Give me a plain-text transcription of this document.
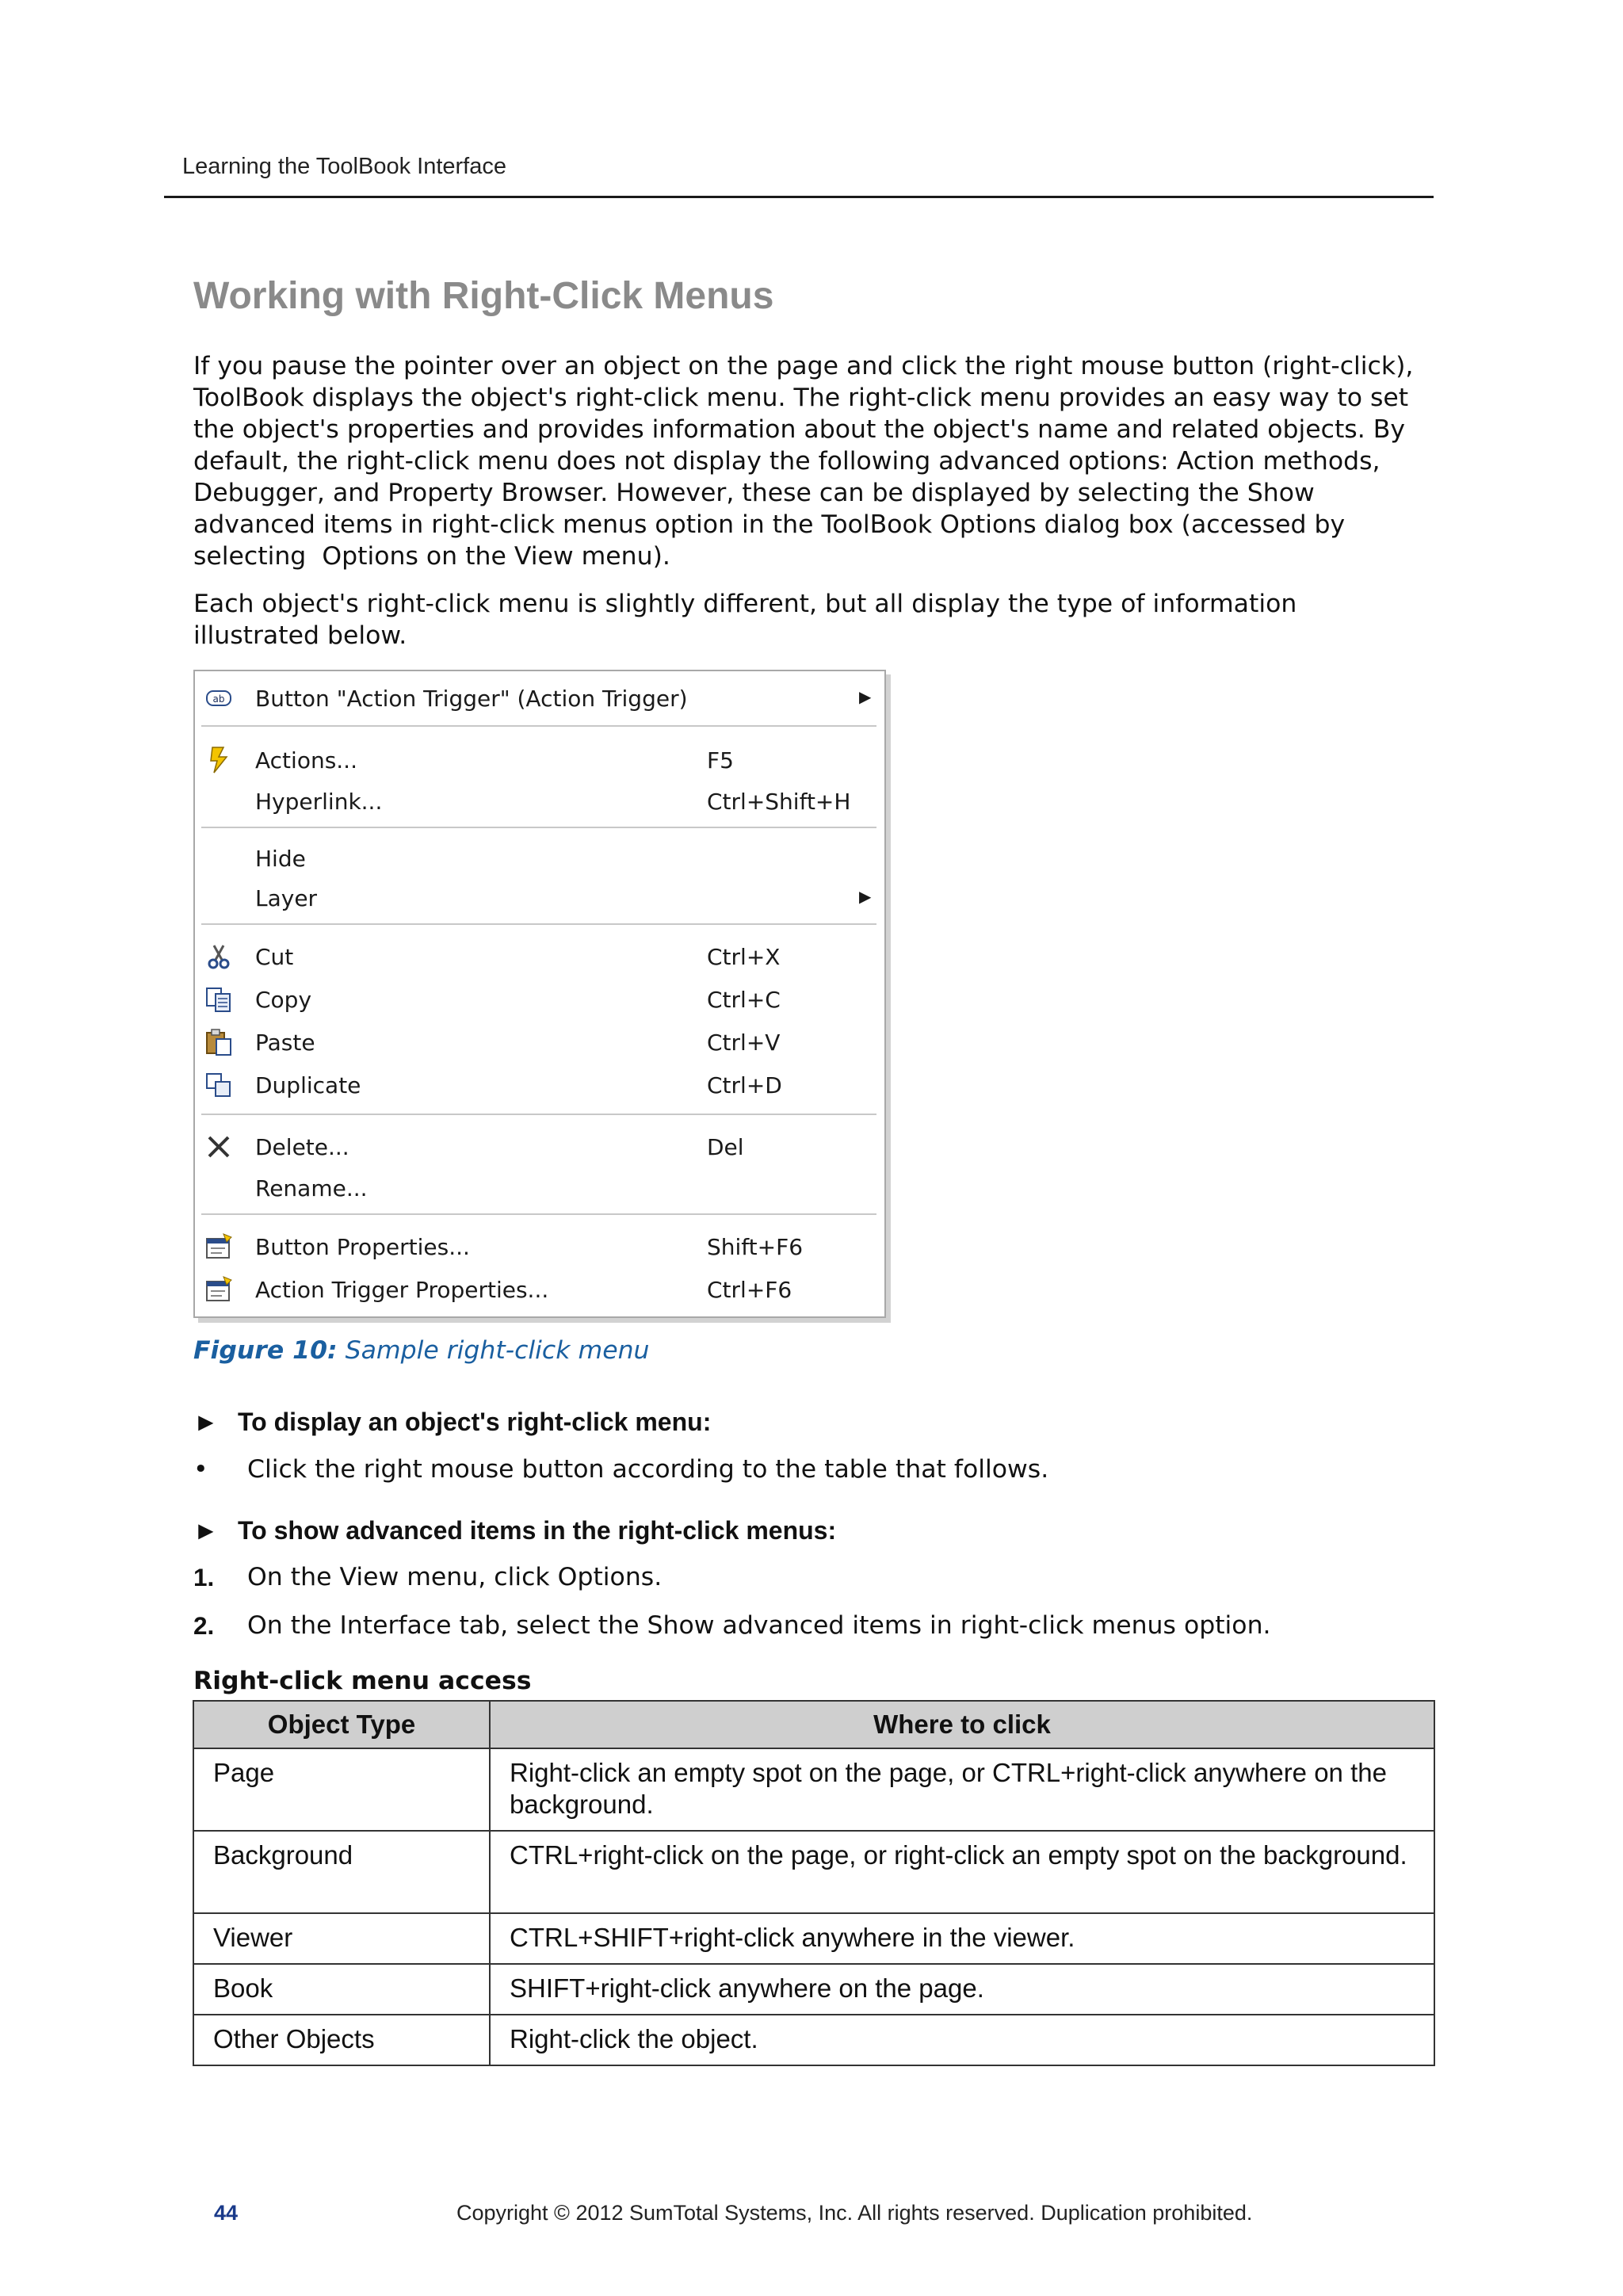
Learning the ToolBook Interface
Working with Right-Click Menus

If you pause the pointer over an object on the page and click the right mouse button (right-click),
ToolBook displays the object's right-click menu. The right-click menu provides an easy way to set
the object's properties and provides information about the object's name and related objects. By
default, the right-click menu does not display the following advanced options: Action methods,
Debugger, and Property Browser. However, these can be displayed by selecting the Show
advanced items in right-click menus option in the ToolBook Options dialog box (accessed by
selecting  Options on the View menu).

Each object's right-click menu is slightly different, but all display the type of information
illustrated below.

ab Button "Action Trigger" (Action Trigger)	▶
Actions...	F5
Hyperlink...	Ctrl+Shift+H
Hide
Layer	▶
Cut	Ctrl+X
Copy	Ctrl+C
Paste	Ctrl+V
Duplicate	Ctrl+D
Delete...	Del
Rename...
Button Properties...	Shift+F6
Action Trigger Properties...	Ctrl+F6

Figure 10: Sample right-click menu

► To display an object's right-click menu:

• Click the right mouse button according to the table that follows.

► To show advanced items in the right-click menus:

1. On the View menu, click Options.
2. On the Interface tab, select the Show advanced items in right-click menus option.

Right-click menu access

Object Type	Where to click
Page	Right-click an empty spot on the page, or CTRL+right-click anywhere on the background.
Background	CTRL+right-click on the page, or right-click an empty spot on the background.
Viewer	CTRL+SHIFT+right-click anywhere in the viewer.
Book	SHIFT+right-click anywhere on the page.
Other Objects	Right-click the object.
44	Copyright © 2012 SumTotal Systems, Inc. All rights reserved. Duplication prohibited.
